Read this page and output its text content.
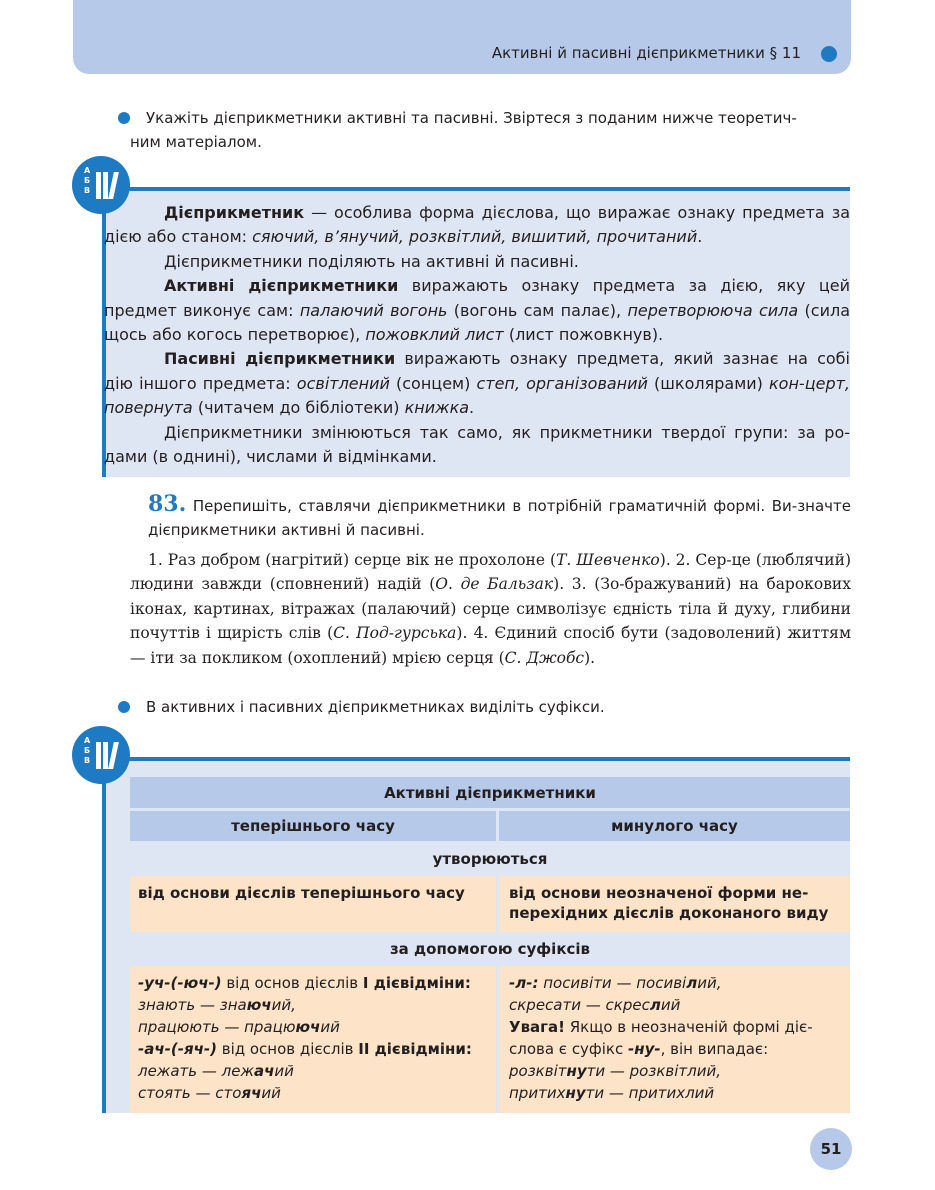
Активні й пасивні дієприкметники § 11
Укажіть дієприкметники активні та пасивні. Звіртеся з поданим нижче теоретич-
ним матеріалом.

Дієприкметник — особлива форма дієслова, що виражає ознаку предмета за дією або станом: сяючий, в’янучий, розквітлий, вишитий, прочитаний.

Дієприкметники поділяють на активні й пасивні.

Активні дієприкметники виражають ознаку предмета за дією, яку цей предмет виконує сам: палаючий вогонь (вогонь сам палає), перетворююча сила (сила щось або когось перетворює), пожовклий лист (лист пожовкнув).

Пасивні дієприкметники виражають ознаку предмета, який зазнає на собі дію іншого предмета: освітлений (сонцем) степ, організований (школярами) кон-церт, повернута (читачем до бібліотеки) книжка.

Дієприкметники змінюються так само, як прикметники твердої групи: за ро-дами (в однині), числами й відмінками.

А Б В
83. Перепишіть, ставлячи дієприкметники в потрібній граматичній формі. Ви-значте дієприкметники активні й пасивні.

1. Раз добром (нагрітий) серце вік не прохолоне (Т. Шевченко). 2. Сер-це (люблячий) людини завжди (сповнений) надій (О. де Бальзак). 3. (Зо-бражуваний) на барокових іконах, картинах, вітражах (палаючий) серце символізує єдність тіла й духу, глибини почуттів і щирість слів (С. Под-гурська). 4. Єдиний спосіб бути (задоволений) життям — іти за покликом (охоплений) мрією серця (С. Джобс).

В активних і пасивних дієприкметниках виділіть суфікси.
Активні дієприкметники
теперішнього часу	минулого часу
утворюються
від основи дієслів теперішнього часу	від основи неозначеної форми не-перехідних дієслів доконаного виду
за допомогою суфіксів
-уч-(-юч-) від основ дієслів I дієвідміни:
знають — знаючий,
працюють — працюючий
-ач-(-яч-) від основ дієслів II дієвідміни:
лежать — лежачий
стоять — стоячий
-л-: посивіти — посивілий,
скресати — скреслий
Увага! Якщо в неозначеній формі діє-слова є суфікс -ну-, він випадає:
розквітнути — розквітлий,
притихнути — притихлий
А Б В
51
